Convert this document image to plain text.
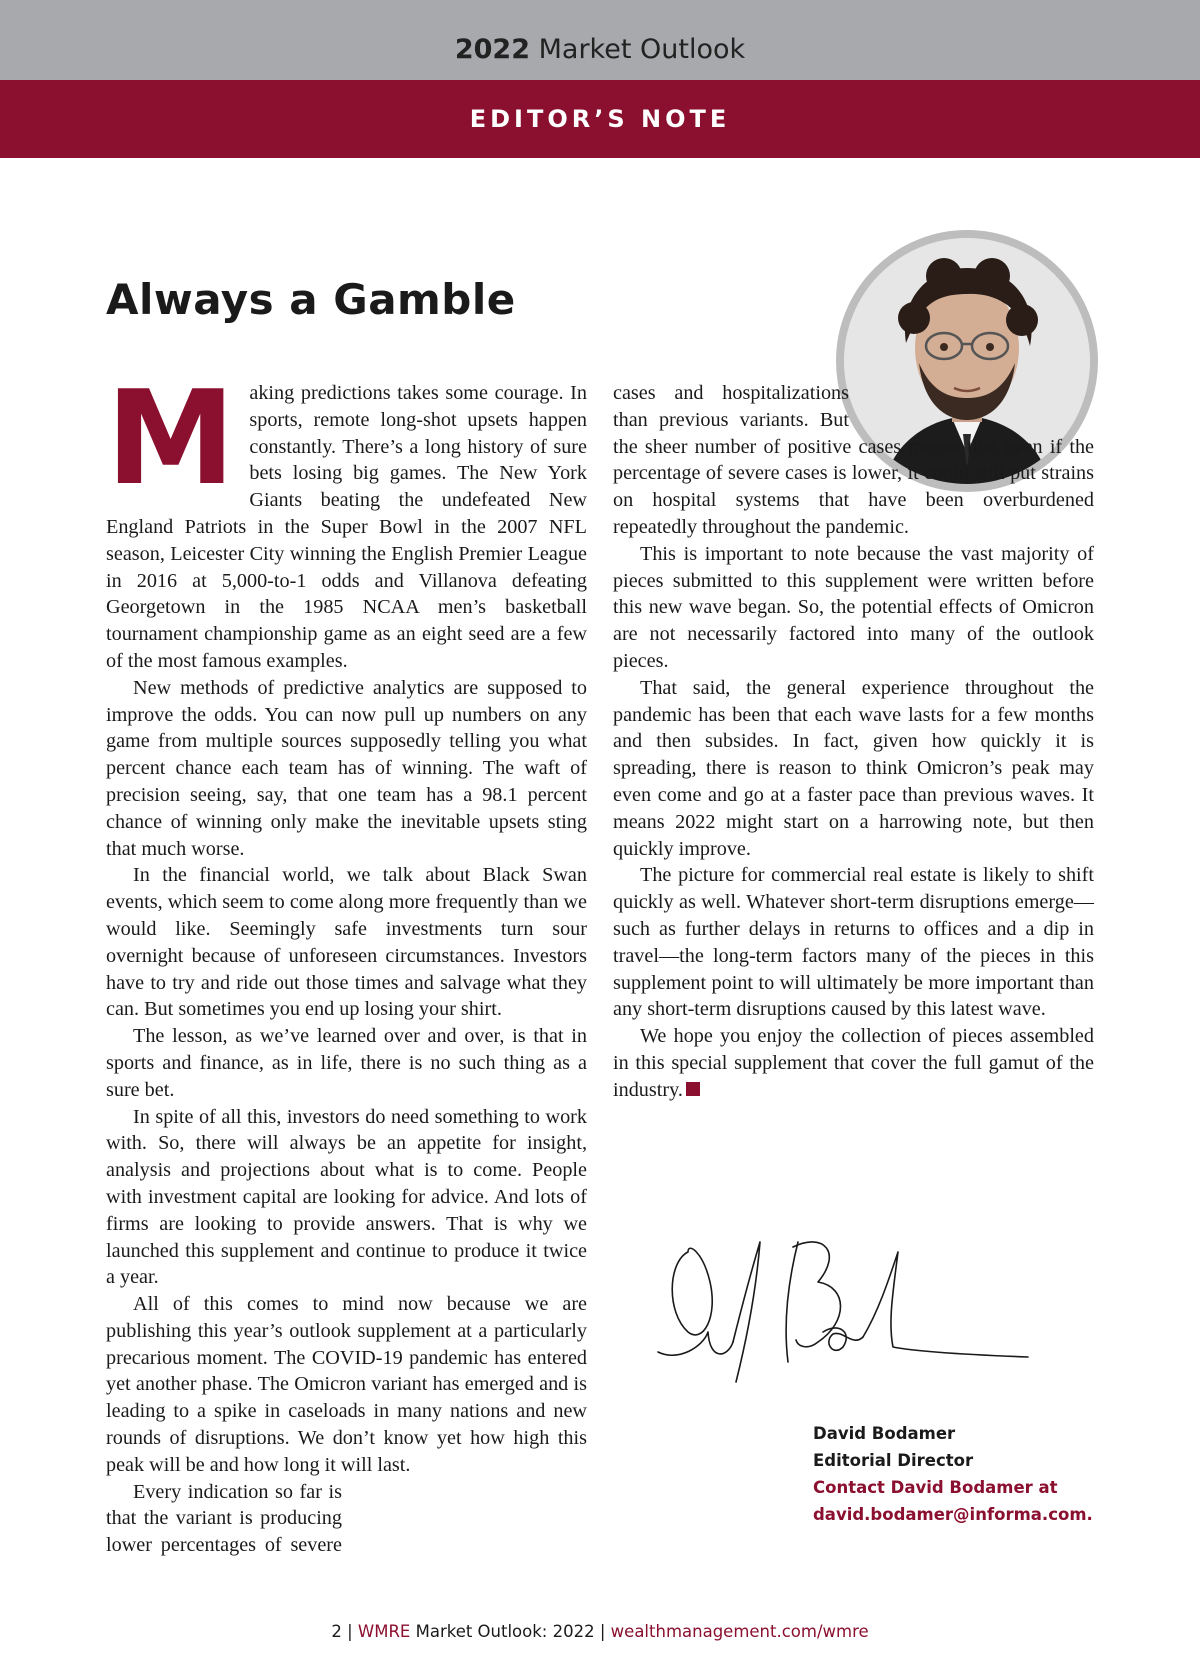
2022 Market Outlook
EDITOR’S NOTE
Always a Gamble

Making predictions takes some courage. In sports, remote long-shot upsets happen constantly. There’s a long history of sure bets losing big games. The New York Giants beating the undefeated New England Patriots in the Super Bowl in the 2007 NFL season, Leicester City winning the English Premier League in 2016 at 5,000-to-1 odds and Villanova defeating Georgetown in the 1985 NCAA men’s basketball tournament championship game as an eight seed are a few of the most famous examples.

New methods of predictive analytics are supposed to improve the odds. You can now pull up numbers on any game from multiple sources supposedly telling you what percent chance each team has of winning. The waft of precision seeing, say, that one team has a 98.1 percent chance of winning only make the inevitable upsets sting that much worse.

In the financial world, we talk about Black Swan events, which seem to come along more frequently than we would like. Seemingly safe investments turn sour overnight because of unforeseen circumstances. Investors have to try and ride out those times and salvage what they can. But sometimes you end up losing your shirt.

The lesson, as we’ve learned over and over, is that in sports and finance, as in life, there is no such thing as a sure bet.

In spite of all this, investors do need something to work with. So, there will always be an appetite for insight, analysis and projections about what is to come. People with investment capital are looking for advice. And lots of firms are looking to provide answers. That is why we launched this supplement and continue to produce it twice a year.

All of this comes to mind now because we are publishing this year’s outlook supplement at a particularly precarious moment. The COVID-19 pandemic has entered yet another phase. The Omicron variant has emerged and is leading to a spike in caseloads in many nations and new rounds of disruptions. We don’t know yet how high this peak will be and how long it will last.

Every indication so far is that the variant is producing lower percentages of severe cases and hospitalizations than previous variants. But the sheer number of positive cases means that even if the percentage of severe cases is lower, it could still put strains on hospital systems that have been overburdened repeatedly throughout the pandemic.

This is important to note because the vast majority of pieces submitted to this supplement were written before this new wave began. So, the potential effects of Omicron are not necessarily factored into many of the outlook pieces.

That said, the general experience throughout the pandemic has been that each wave lasts for a few months and then subsides. In fact, given how quickly it is spreading, there is reason to think Omicron’s peak may even come and go at a faster pace than previous waves. It means 2022 might start on a harrowing note, but then quickly improve.

The picture for commercial real estate is likely to shift quickly as well. Whatever short-term disruptions emerge—such as further delays in returns to offices and a dip in travel—the long-term factors many of the pieces in this supplement point to will ultimately be more important than any short-term disruptions caused by this latest wave.

We hope you enjoy the collection of pieces assembled in this special supplement that cover the full gamut of the industry.

David Bodamer
Editorial Director
Contact David Bodamer at
david.bodamer@informa.com.
2 | WMRE Market Outlook: 2022 | wealthmanagement.com/wmre
